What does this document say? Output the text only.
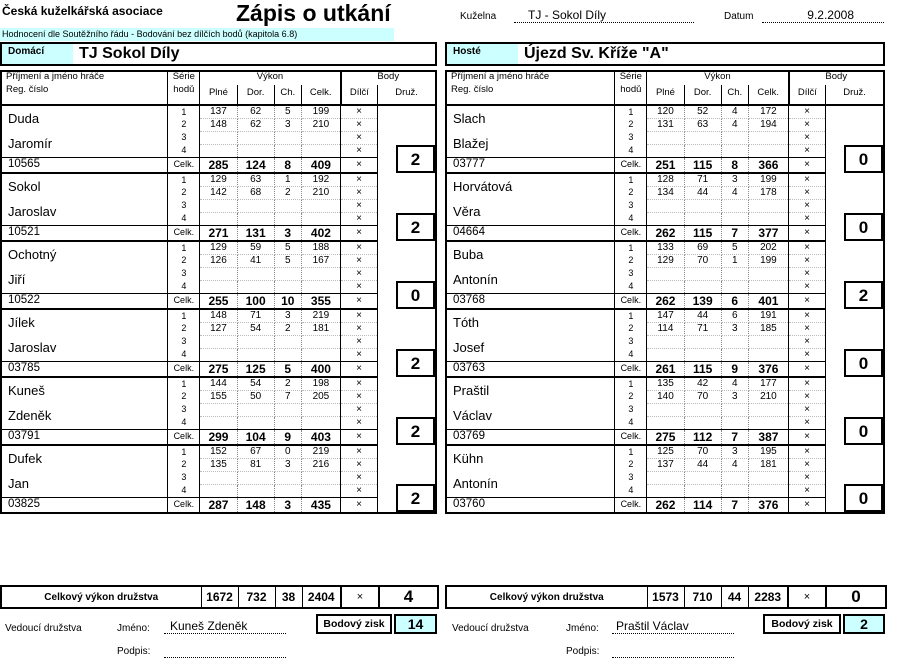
Česká kuželkářská asociace	Zápis o utkání
Hodnocení dle Soutěžního řádu - Bodování bez dílčích bodů (kapitola 6.8)
Kuželna	TJ - Sokol Díly	Datum	9.2.2008
Domácí	TJ Sokol Díly	Hosté	Újezd Sv. Kříže "A"
Příjmení a jméno hráče	Série	Výkon				Body	
Reg. číslo	hodů	Plné	Dor.	Ch.	Celk.	Dílčí	Druž.
Duda	1	137	62	5	199	×	2

	2	148	62	3	210	×	
Jaromír	3					×	
	4					×	
10565	Celk.	285	124	8	409	×	
Sokol	1	129	63	1	192	×	2

	2	142	68	2	210	×	
Jaroslav	3					×	
	4					×	
10521	Celk.	271	131	3	402	×	
Ochotný	1	129	59	5	188	×	0

	2	126	41	5	167	×	
Jiří	3					×	
	4					×	
10522	Celk.	255	100	10	355	×	
Jílek	1	148	71	3	219	×	2

	2	127	54	2	181	×	
Jaroslav	3					×	
	4					×	
03785	Celk.	275	125	5	400	×	
Kuneš	1	144	54	2	198	×	2

	2	155	50	7	205	×	
Zdeněk	3					×	
	4					×	
03791	Celk.	299	104	9	403	×	
Dufek	1	152	67	0	219	×	2

	2	135	81	3	216	×	
Jan	3					×	
	4					×	
03825	Celk.	287	148	3	435	×	
Příjmení a jméno hráče	Série	Výkon				Body	
Reg. číslo	hodů	Plné	Dor.	Ch.	Celk.	Dílčí	Druž.
Slach	1	120	52	4	172	×	0

	2	131	63	4	194	×	
Blažej	3					×	
	4					×	
03777	Celk.	251	115	8	366	×	
Horvátová	1	128	71	3	199	×	0

	2	134	44	4	178	×	
Věra	3					×	
	4					×	
04664	Celk.	262	115	7	377	×	
Buba	1	133	69	5	202	×	2

	2	129	70	1	199	×	
Antonín	3					×	
	4					×	
03768	Celk.	262	139	6	401	×	
Tóth	1	147	44	6	191	×	0

	2	114	71	3	185	×	
Josef	3					×	
	4					×	
03763	Celk.	261	115	9	376	×	
Praštil	1	135	42	4	177	×	0

	2	140	70	3	210	×	
Václav	3					×	
	4					×	
03769	Celk.	275	112	7	387	×	
Kühn	1	125	70	3	195	×	0

	2	137	44	4	181	×	
Antonín	3					×	
	4					×	
03760	Celk.	262	114	7	376	×	
Celkový výkon družstva	1672	732	38	2404	×	4	Celkový výkon družstva	1573	710	44	2283	×	0
Vedoucí družstva	Jméno:	Kuneš Zdeněk	Bodový zisk	14
Podpis:
Vedoucí družstva	Jméno:	Praštil Václav	Bodový zisk	2
Podpis:
